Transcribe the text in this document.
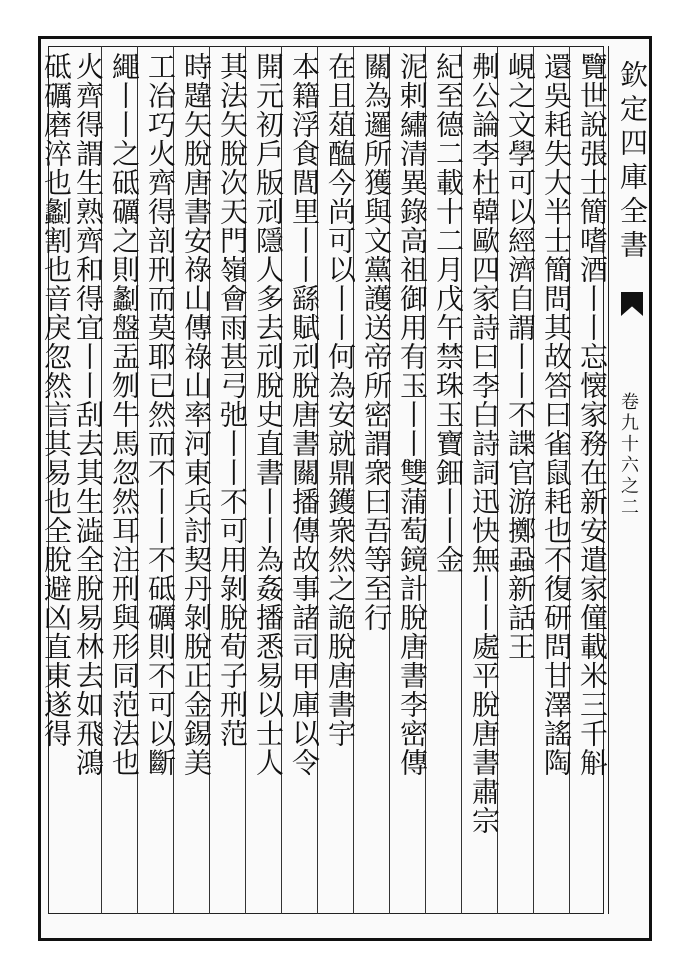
欽定四庫全書
卷九十六之二
覽世說張士簡嗜酒丨丨忘懐家務在新安遣家僮載米三千斛
還吳耗失大半士簡問其故答曰雀鼠耗也不復研問甘澤謠陶
峴之文學可以經濟自謂丨丨不諜官游擲蝨新話王
刜公論李杜韓歐四家詩曰李白詩詞迅快無丨丨處平脫唐書肅宗
紀至德二載十二月戊午禁珠玉寶鈿丨丨金
泥剌繡清異錄高祖御用有玉丨丨雙蒲萄鏡計脫唐書李密傳
關為邏所獲與文黨護送帝所密謂衆曰吾等至行
在且葅醢今尚可以丨丨何為安就鼎鑊衆然之詭脫唐書宇
本籍浮食閭里丨丨繇賦刓脫唐書關播傳故事諸司甲庫以令
開元初戶版刓隱人多去刓脫史直書丨丨為姦播悉易以士人
其法矢脫次天門嶺會雨甚弓弛丨丨不可用剝脫荀子刑范
時韙矢脫唐書安祿山傳祿山率河東兵討契丹剝脫正金錫美
工冶巧火齊得剖刑而莫耶已然而不丨丨不砥礪則不可以斷
繩丨丨之砥礪之則劙盤盂刎牛馬忽然耳注刑與形同范法也
火齊得謂生熟齊和得宜丨丨刮去其生澁全脫易林去如飛鴻
砥礪磨淬也劙割也音戾忽然言其易也全脫避凶直東遂得
